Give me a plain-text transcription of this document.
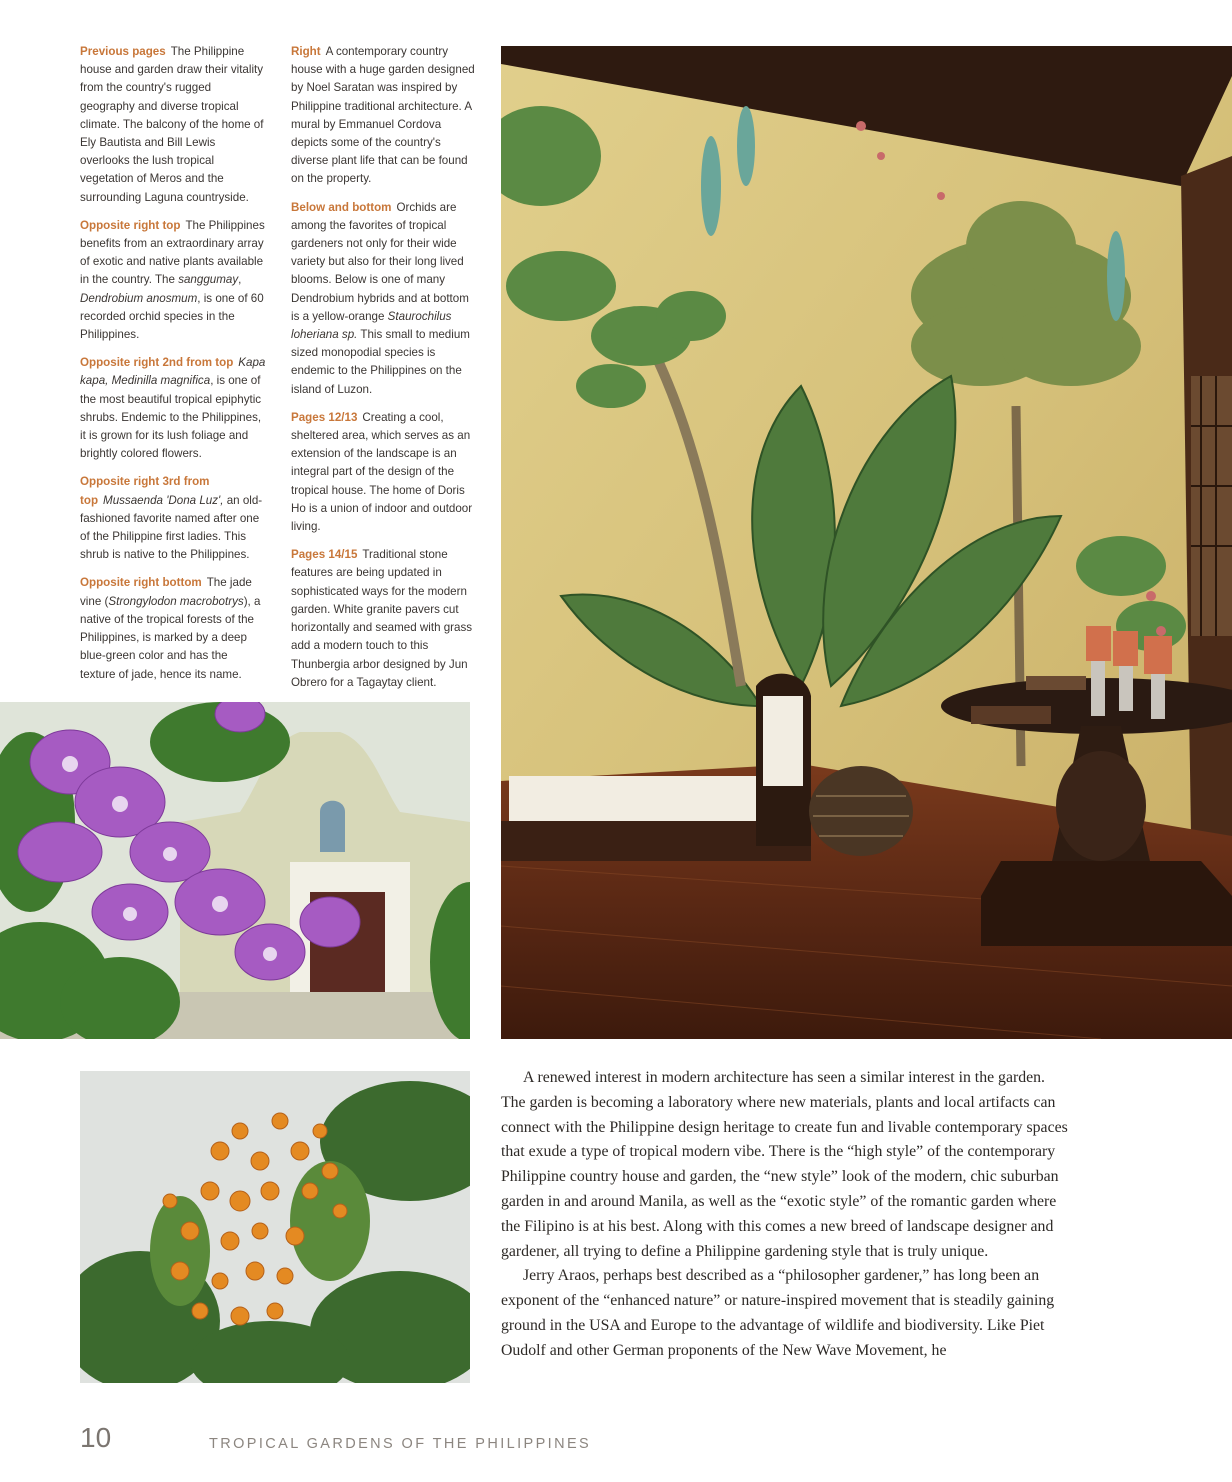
Previous pages The Philippine house and garden draw their vitality from the country's rugged geography and diverse tropical climate. The balcony of the home of Ely Bautista and Bill Lewis overlooks the lush tropical vegetation of Meros and the surrounding Laguna countryside.

Opposite right top The Philippines benefits from an extraordinary array of exotic and native plants available in the country. The sanggumay, Dendrobium anosmum, is one of 60 recorded orchid species in the Philippines.

Opposite right 2nd from top Kapa kapa, Medinilla magnifica, is one of the most beautiful tropical epiphytic shrubs. Endemic to the Philippines, it is grown for its lush foliage and brightly colored flowers.

Opposite right 3rd from top Mussaenda 'Dona Luz', an old-fashioned favorite named after one of the Philippine first ladies. This shrub is native to the Philippines.

Opposite right bottom The jade vine (Strongylodon macrobotrys), a native of the tropical forests of the Philippines, is marked by a deep blue-green color and has the texture of jade, hence its name.

Right A contemporary country house with a huge garden designed by Noel Saratan was inspired by Philippine traditional architecture. A mural by Emmanuel Cordova depicts some of the country's diverse plant life that can be found on the property.

Below and bottom Orchids are among the favorites of tropical gardeners not only for their wide variety but also for their long lived blooms. Below is one of many Dendrobium hybrids and at bottom is a yellow-orange Staurochilus loheriana sp. This small to medium sized monopodial species is endemic to the Philippines on the island of Luzon.

Pages 12/13 Creating a cool, sheltered area, which serves as an extension of the landscape is an integral part of the design of the tropical house. The home of Doris Ho is a union of indoor and outdoor living.

Pages 14/15 Traditional stone features are being updated in sophisticated ways for the modern garden. White granite pavers cut horizontally and seamed with grass add a modern touch to this Thunbergia arbor designed by Jun Obrero for a Tagaytay client.

A renewed interest in modern architecture has seen a similar interest in the garden. The garden is becoming a laboratory where new materials, plants and local artifacts can connect with the Philippine design heritage to create fun and livable contemporary spaces that exude a type of tropical modern vibe. There is the “high style” of the contemporary Philippine country house and garden, the “new style” look of the modern, chic suburban garden in and around Manila, as well as the “exotic style” of the romantic garden where the Filipino is at his best. Along with this comes a new breed of landscape designer and gardener, all trying to define a Philippine gardening style that is truly unique.

Jerry Araos, perhaps best described as a “philosopher gardener,” has long been an exponent of the “enhanced nature” or nature-inspired movement that is steadily gaining ground in the USA and Europe to the advantage of wildlife and biodiversity. Like Piet Oudolf and other German proponents of the New Wave Movement, he

10	TROPICAL GARDENS OF THE PHILIPPINES
